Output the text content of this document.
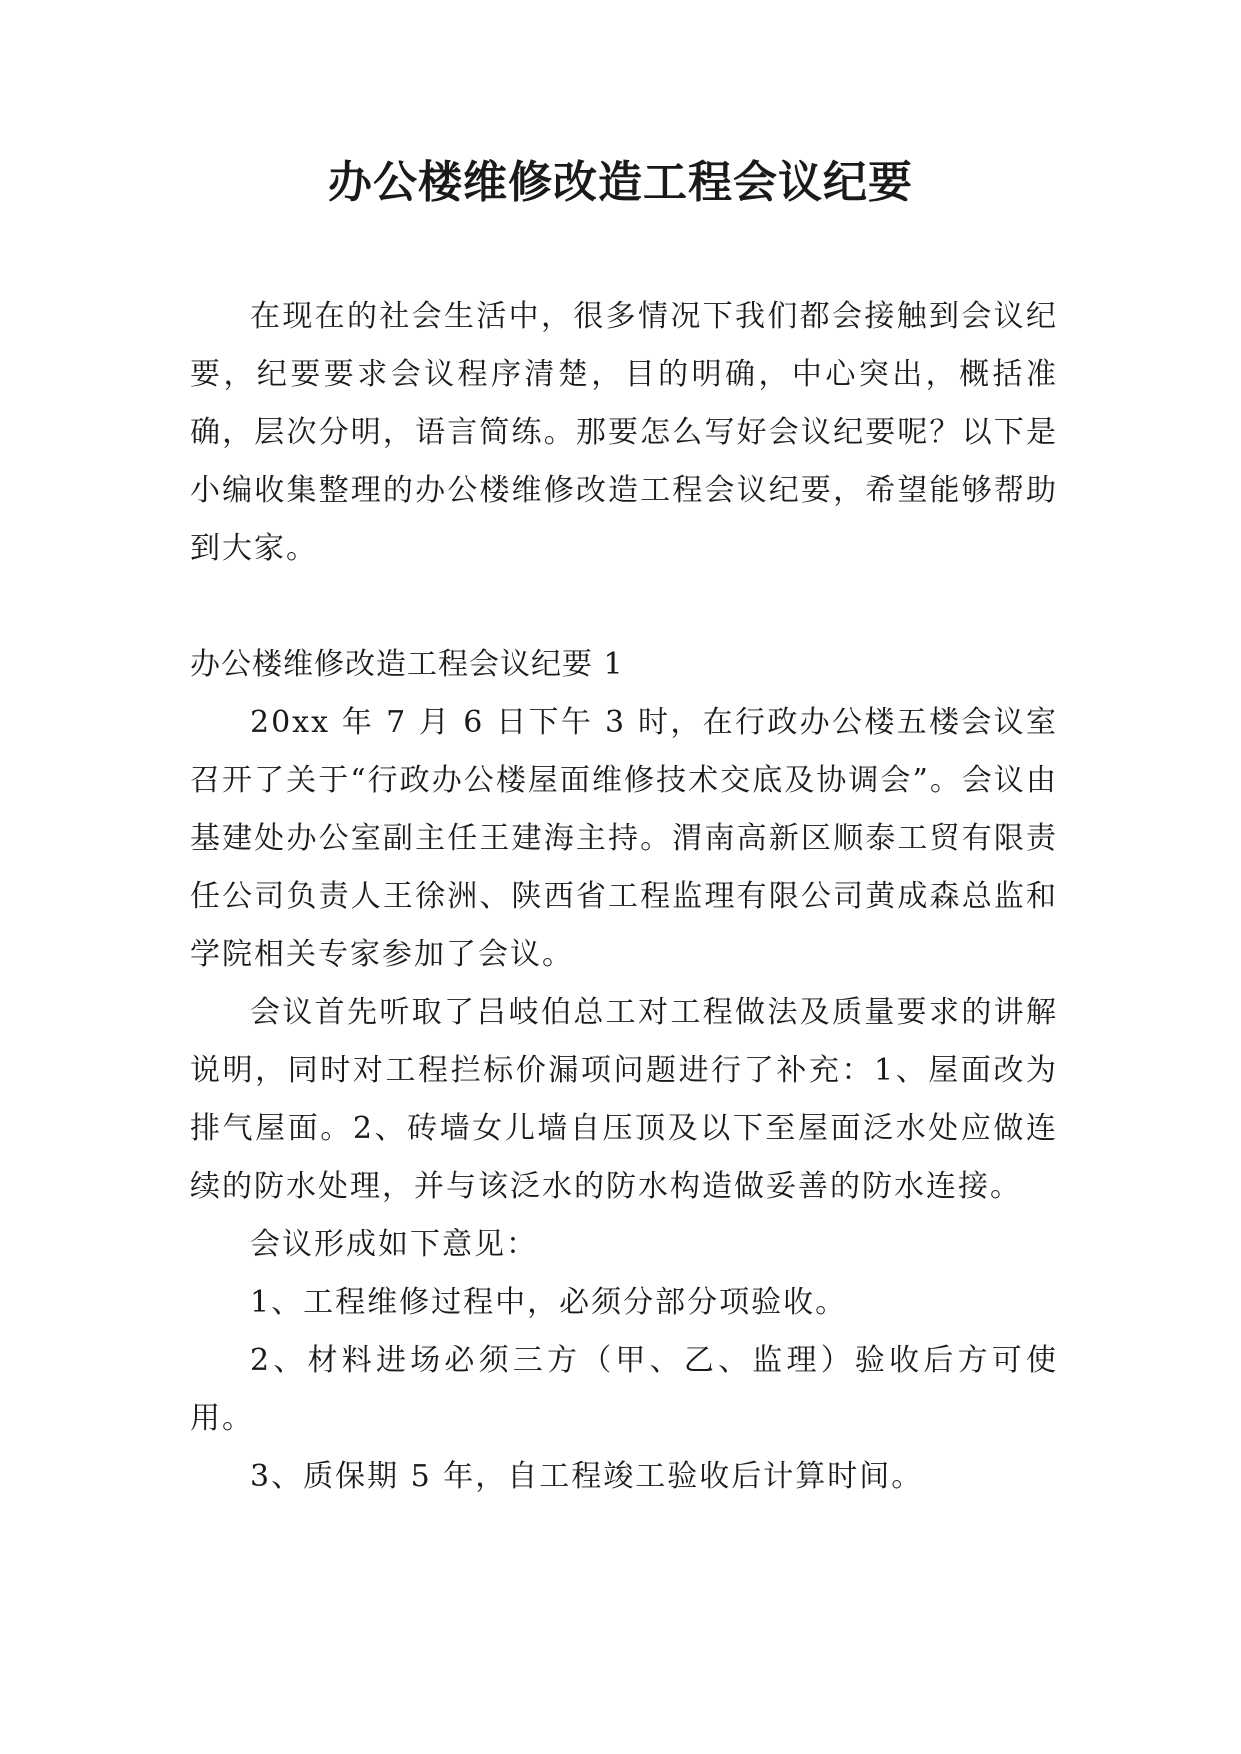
办公楼维修改造工程会议纪要

在现在的社会生活中，很多情况下我们都会接触到会议纪要，纪要要求会议程序清楚，目的明确，中心突出，概括准确，层次分明，语言简练。那要怎么写好会议纪要呢？以下是小编收集整理的办公楼维修改造工程会议纪要，希望能够帮助到大家。

办公楼维修改造工程会议纪要 1

20xx 年 7 月 6 日下午 3 时，在行政办公楼五楼会议室召开了关于“行政办公楼屋面维修技术交底及协调会”。会议由基建处办公室副主任王建海主持。渭南高新区顺泰工贸有限责任公司负责人王徐洲、陕西省工程监理有限公司黄成森总监和学院相关专家参加了会议。

会议首先听取了吕岐伯总工对工程做法及质量要求的讲解说明，同时对工程拦标价漏项问题进行了补充：1、屋面改为排气屋面。2、砖墙女儿墙自压顶及以下至屋面泛水处应做连续的防水处理，并与该泛水的防水构造做妥善的防水连接。

会议形成如下意见：

1、工程维修过程中，必须分部分项验收。

2、材料进场必须三方（甲、乙、监理）验收后方可使用。

3、质保期 5 年，自工程竣工验收后计算时间。
